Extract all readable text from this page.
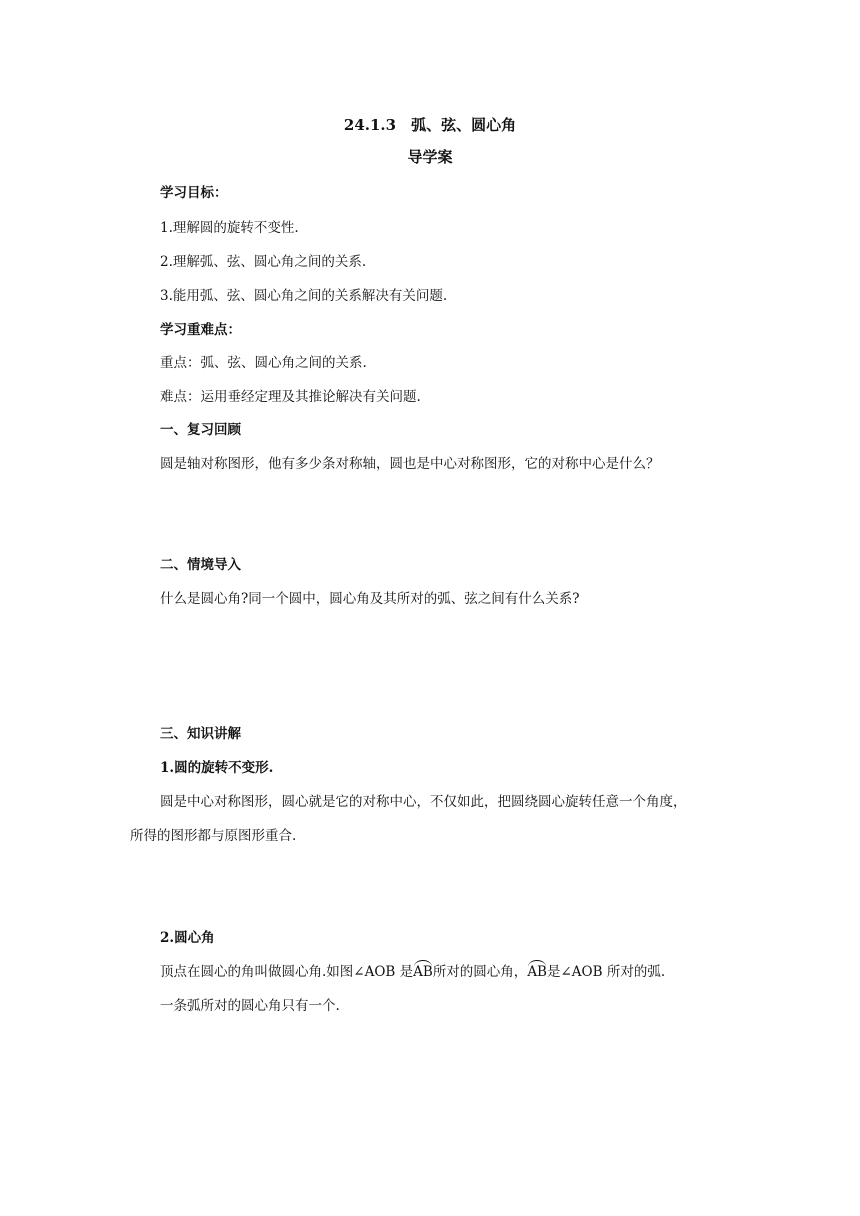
24.1.3　弧、弦、圆心角
导学案
学习目标：
1.理解圆的旋转不变性.
2.理解弧、弦、圆心角之间的关系.
3.能用弧、弦、圆心角之间的关系解决有关问题.
学习重难点：
重点：弧、弦、圆心角之间的关系.
难点：运用垂经定理及其推论解决有关问题.
一、复习回顾
圆是轴对称图形，他有多少条对称轴，圆也是中心对称图形，它的对称中心是什么？
二、情境导入
什么是圆心角?同一个圆中，圆心角及其所对的弧、弦之间有什么关系?
三、知识讲解
1.圆的旋转不变形.
圆是中心对称图形，圆心就是它的对称中心，不仅如此，把圆绕圆心旋转任意一个角度，
所得的图形都与原图形重合.
2.圆心角
顶点在圆心的角叫做圆心角.如图∠AOB 是AB所对的圆心角，AB是∠AOB 所对的弧.
一条弧所对的圆心角只有一个.
